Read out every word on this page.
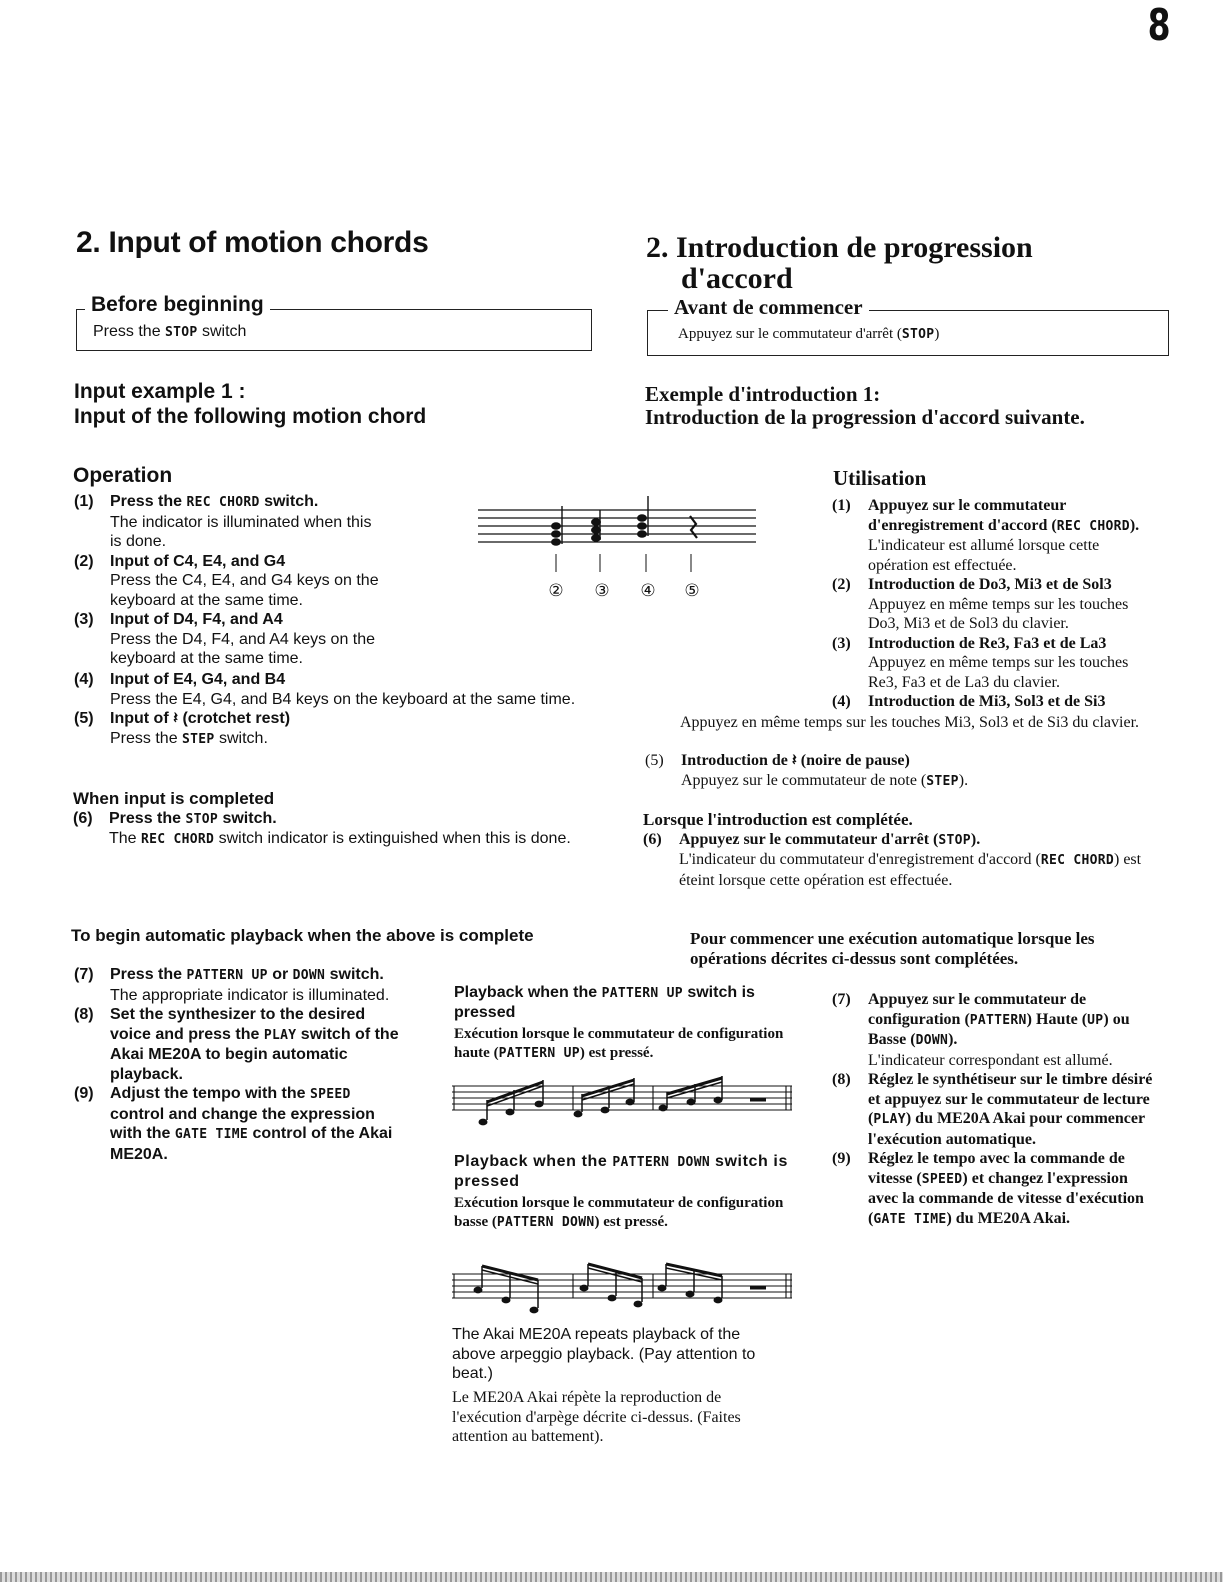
8
2. Input of motion chords
Before beginning
Press the STOP switch
Input example 1 :
Input of the following motion chord
Operation
(1) Press the REC CHORD switch.
The indicator is illuminated when this is done.
(2) Input of C4, E4, and G4
Press the C4, E4, and G4 keys on the keyboard at the same time.
(3) Input of D4, F4, and A4
Press the D4, F4, and A4 keys on the keyboard at the same time.
(4) Input of E4, G4, and B4
Press the E4, G4, and B4 keys on the keyboard at the same time.
(5) Input of 𝄽 (crotchet rest)
Press the STEP switch.
When input is completed
(6) Press the STOP switch.
The REC CHORD switch indicator is extinguished when this is done.
To begin automatic playback when the above is complete
(7) Press the PATTERN UP or DOWN switch.
The appropriate indicator is illuminated.
(8) Set the synthesizer to the desired voice and press the PLAY switch of the Akai ME20A to begin automatic playback.
(9) Adjust the tempo with the SPEED control and change the expression with the GATE TIME control of the Akai ME20A.
② ③ ④ ⑤
Playback when the PATTERN UP switch is pressed
Exécution lorsque le commutateur de configuration haute (PATTERN UP) est pressé.
Playback when the PATTERN DOWN switch is pressed
Exécution lorsque le commutateur de configuration basse (PATTERN DOWN) est pressé.
The Akai ME20A repeats playback of the above arpeggio playback. (Pay attention to beat.)
Le ME20A Akai répète la reproduction de l'exécution d'arpège décrite ci-dessus. (Faites attention au battement).
2. Introduction de progression
d'accord
Avant de commencer
Appuyez sur le commutateur d'arrêt (STOP)
Exemple d'introduction 1:
Introduction de la progression d'accord suivante.
Utilisation
(1) Appuyez sur le commutateur d'enregistrement d'accord (REC CHORD).
L'indicateur est allumé lorsque cette opération est effectuée.
(2) Introduction de Do3, Mi3 et de Sol3
Appuyez en même temps sur les touches Do3, Mi3 et de Sol3 du clavier.
(3) Introduction de Re3, Fa3 et de La3
Appuyez en même temps sur les touches Re3, Fa3 et de La3 du clavier.
(4) Introduction de Mi3, Sol3 et de Si3
Appuyez en même temps sur les touches Mi3, Sol3 et de Si3 du clavier.
(5) Introduction de 𝄽 (noire de pause)
Appuyez sur le commutateur de note (STEP).
Lorsque l'introduction est complétée.
(6) Appuyez sur le commutateur d'arrêt (STOP).
L'indicateur du commutateur d'enregistrement d'accord (REC CHORD) est éteint lorsque cette opération est effectuée.
Pour commencer une exécution automatique lorsque les opérations décrites ci-dessus sont complétées.
(7) Appuyez sur le commutateur de configuration (PATTERN) Haute (UP) ou Basse (DOWN).
L'indicateur correspondant est allumé.
(8) Réglez le synthétiseur sur le timbre désiré et appuyez sur le commutateur de lecture (PLAY) du ME20A Akai pour commencer l'exécution automatique.
(9) Réglez le tempo avec la commande de vitesse (SPEED) et changez l'expression avec la commande de vitesse d'exécution (GATE TIME) du ME20A Akai.
